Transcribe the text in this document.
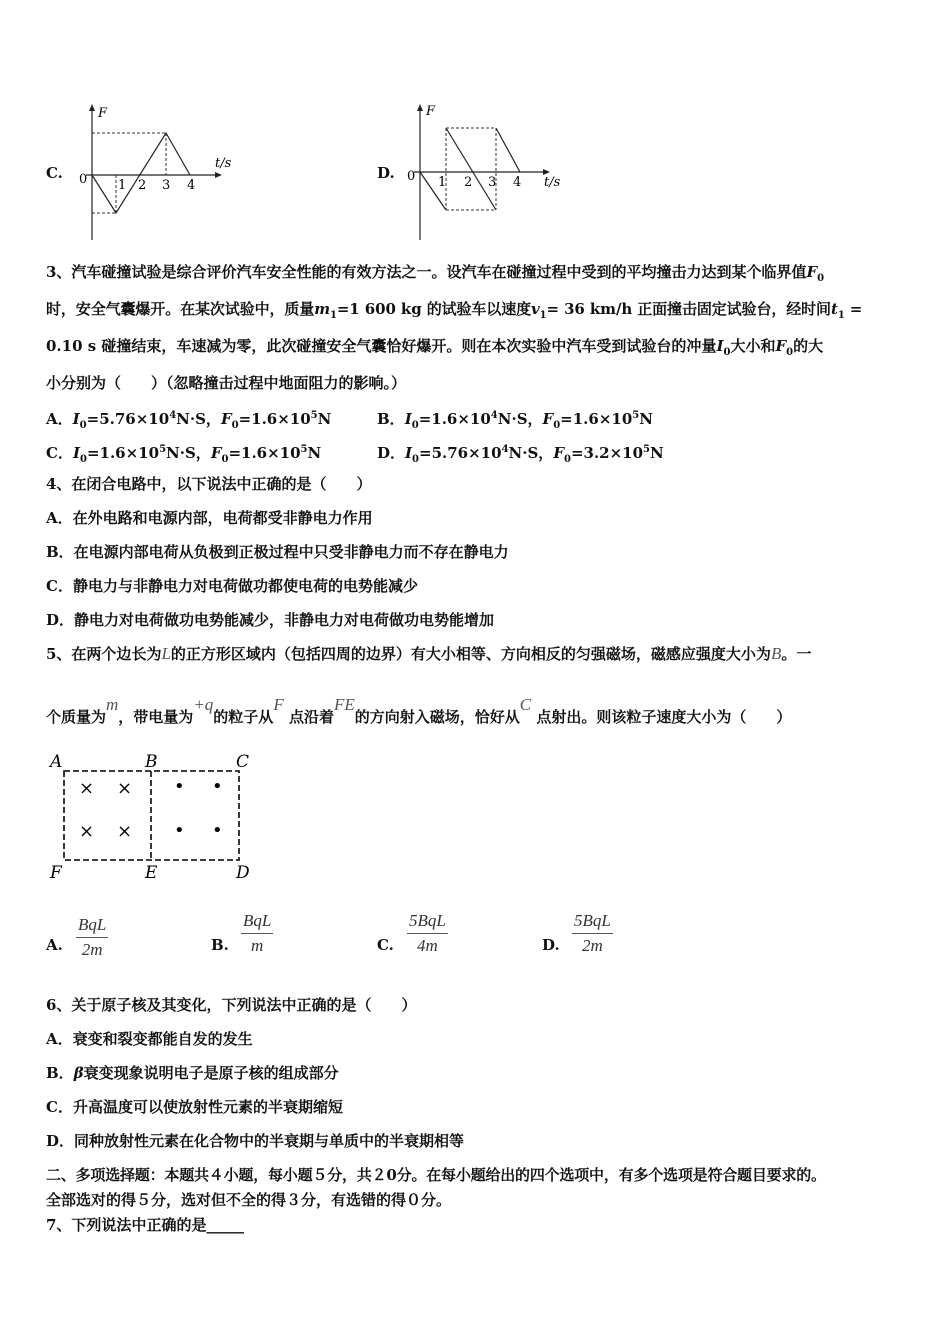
C.
F
0
t/s
1 2 3 4
D.
F
0	t/s
1 2 3 4
3、汽车碰撞试验是综合评价汽车安全性能的有效方法之一。设汽车在碰撞过程中受到的平均撞击力达到某个临界值$F_0$
时，安全气囊爆开。在某次试验中，质量$m_1=1$ 600 kg 的试验车以速度$v_1= 36$ km/h 正面撞击固定试验台，经时间$t_1$ =
0.10 s 碰撞结束，车速减为零，此次碰撞安全气囊恰好爆开。则在本次实验中汽车受到试验台的冲量$I_0$大小和$F_0$的大
小分别为（　　）（忽略撞击过程中地面阻力的影响。）
A．$I_0=5.76\times 10^4N\cdot S$，$F_0=1.6\times 10^5N$	B．$I_0=1.6\times 10^4N\cdot S$，$F_0=1.6\times 10^5N$
C．$I_0=1.6\times 10^5N\cdot S$，$F_0=1.6\times 10^5N$	D．$I_0=5.76\times 10^4N\cdot S$，$F_0=3.2\times 10^5N$
4、在闭合电路中，以下说法中正确的是（　　）
A．在外电路和电源内部，电荷都受非静电力作用
B．在电源内部电荷从负极到正极过程中只受非静电力而不存在静电力
C．静电力与非静电力对电荷做功都使电荷的电势能减少
D．静电力对电荷做功电势能减少，非静电力对电荷做功电势能增加
5、在两个边长为L的正方形区域内（包括四周的边界）有大小相等、方向相反的匀强磁场，磁感应强度大小为B。一
个质量为m，带电量为+q的粒子从F 点沿着FE的方向射入磁场，恰好从C 点射出。则该粒子速度大小为（　　）
A	B	C
F	E	D
× ×
× ×
• •
• •
A.
BqL
2m	B.
BqL
m	C.
5BqL
4m	D.
5BqL
2m
6、关于原子核及其变化，下列说法中正确的是（　　）
A．衰变和裂变都能自发的发生
B．β衰变现象说明电子是原子核的组成部分
C．升高温度可以使放射性元素的半衰期缩短
D．同种放射性元素在化合物中的半衰期与单质中的半衰期相等
二、多项选择题：本题共４小题，每小题５分，共２0分。在每小题给出的四个选项中，有多个选项是符合题目要求的。
全部选对的得５分，选对但不全的得３分，有选错的得０分。
7、下列说法中正确的是_____
